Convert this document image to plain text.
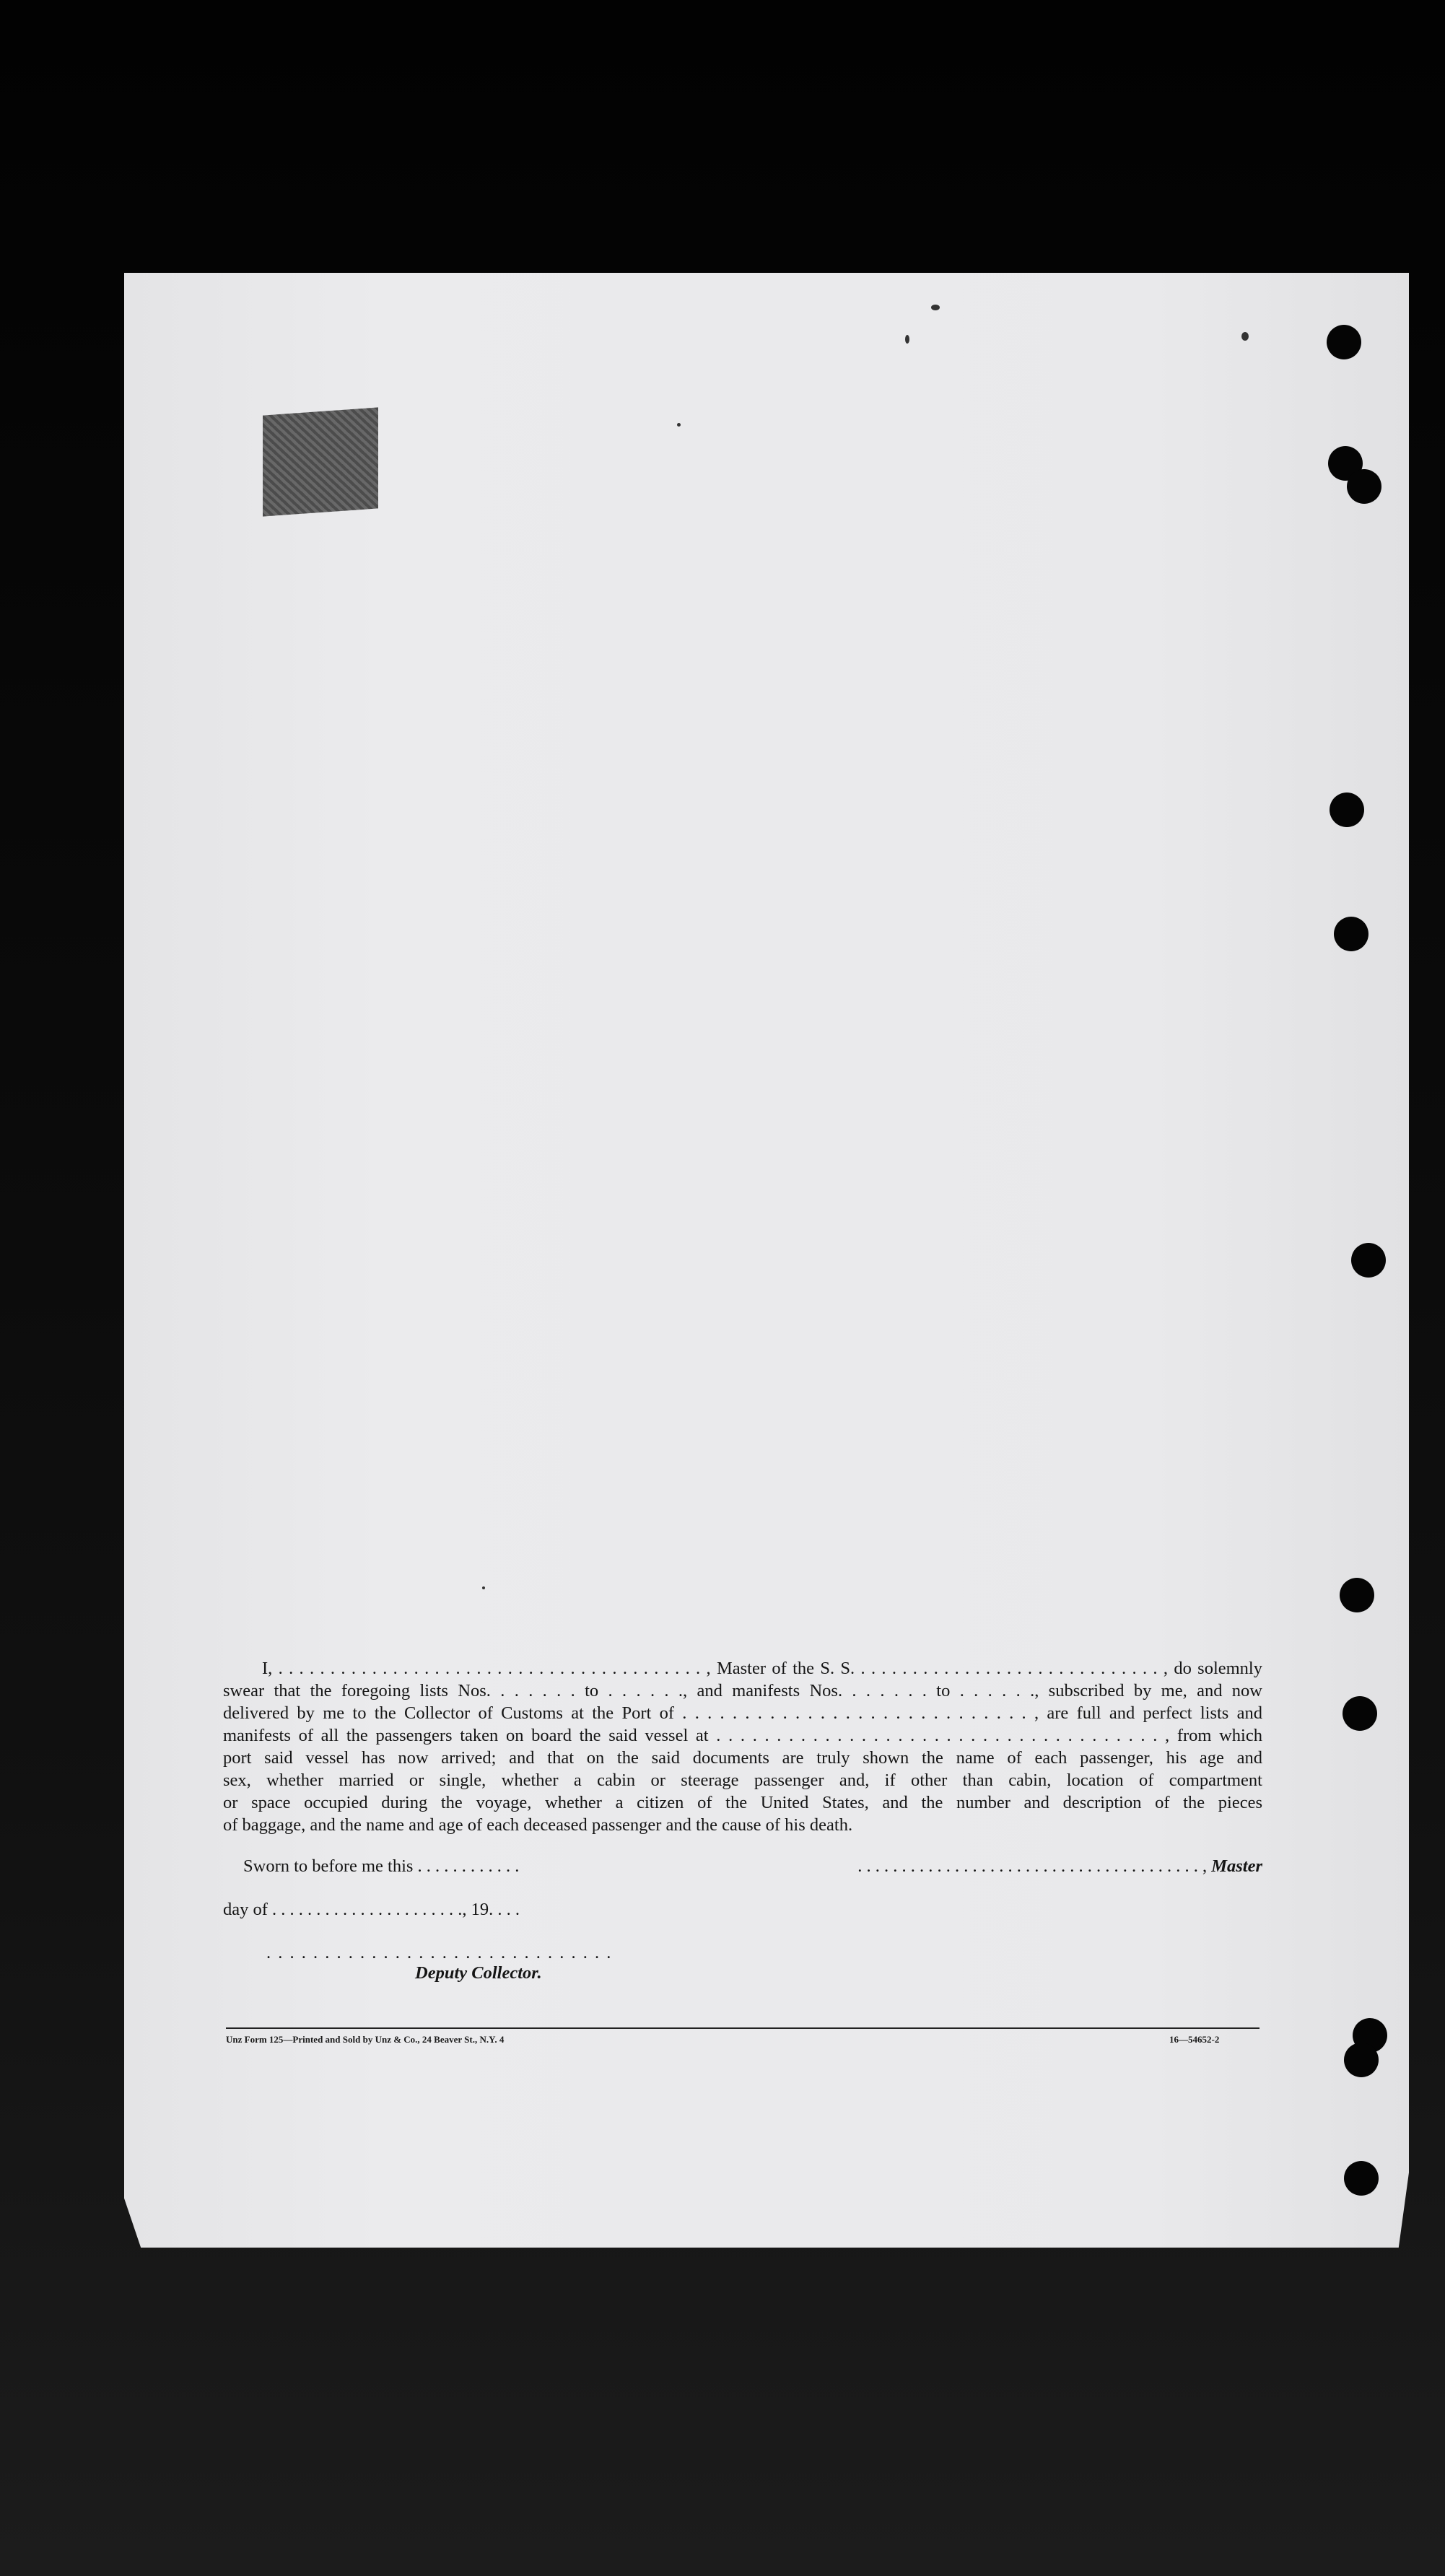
I, . . . . . . . . . . . . . . . . . . . . . . . . . . . . . . . . . . . . . . . . . , Master of the S. S. . . . . . . . . . . . . . . . . . . . . . . . . . . . . . , do solemnly
swear that the foregoing lists Nos. . . . . . . to . . . . . ., and manifests Nos. . . . . . . to . . . . . ., subscribed by me, and now
delivered by me to the Collector of Customs at the Port of . . . . . . . . . . . . . . . . . . . . . . . . . . . . , are full and perfect lists and
manifests of all the passengers taken on board the said vessel at . . . . . . . . . . . . . . . . . . . . . . . . . . . . . . . . . . . . . , from which
port said vessel has now arrived; and that on the said documents are truly shown the name of each passenger, his age and
sex, whether married or single, whether a cabin or steerage passenger and, if other than cabin, location of compartment
or space occupied during the voyage, whether a citizen of the United States, and the number and description of the pieces
of baggage, and the name and age of each deceased passenger and the cause of his death.
Sworn to before me this . . . . . . . . . . . .	. . . . . . . . . . . . . . . . . . . . . . . . . . . . . . . . . . . . . . . , Master
day of . . . . . . . . . . . . . . . . . . . . . ., 19. . . .
. . . . . . . . . . . . . . . . . . . . . . . . . . . . . .
Deputy Collector.
Unz Form 125—Printed and Sold by Unz & Co., 24 Beaver St., N.Y. 4	16—54652-2
